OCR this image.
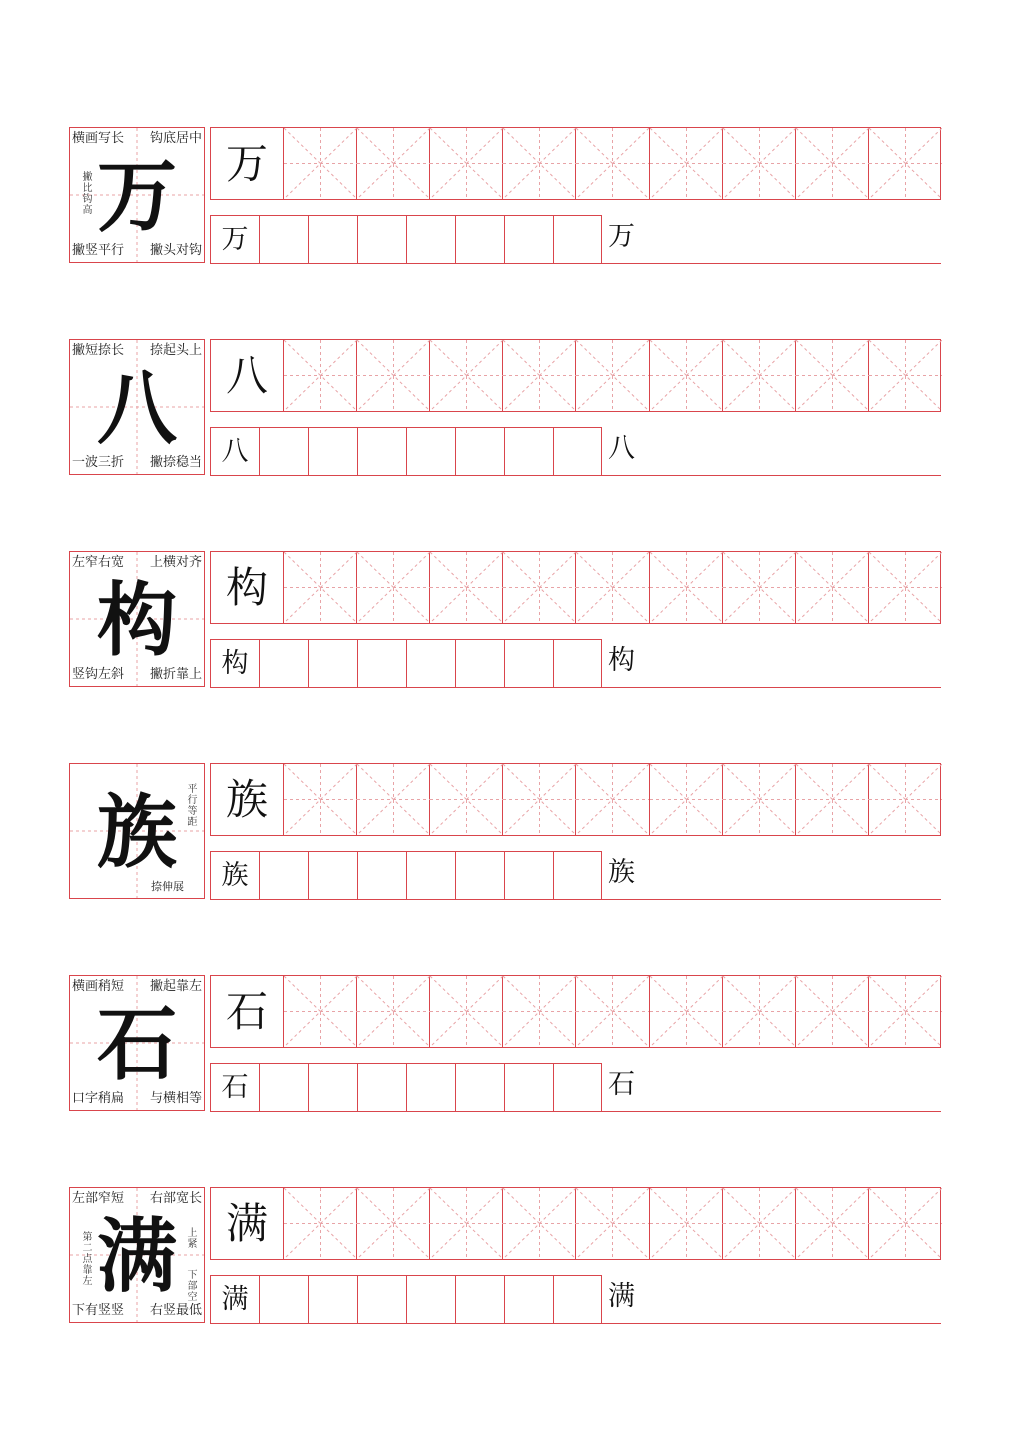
万
横画写长 钩底居中
撇竖平行 撇头对钩
撇比钩高
万
万	万
八
撇短捺长 捺起头上
一波三折 撇捺稳当
八
八	八
构
左窄右宽 上横对齐
竖钩左斜 撇折靠上
构
构	构
族	平行等距
捺伸展
族
族	族
石
横画稍短 撇起靠左
口字稍扁 与横相等
石
石	石
满
左部窄短 右部宽长
下有竖竖 右竖最低
第二点靠左
上紧
下部空
满
满	满
